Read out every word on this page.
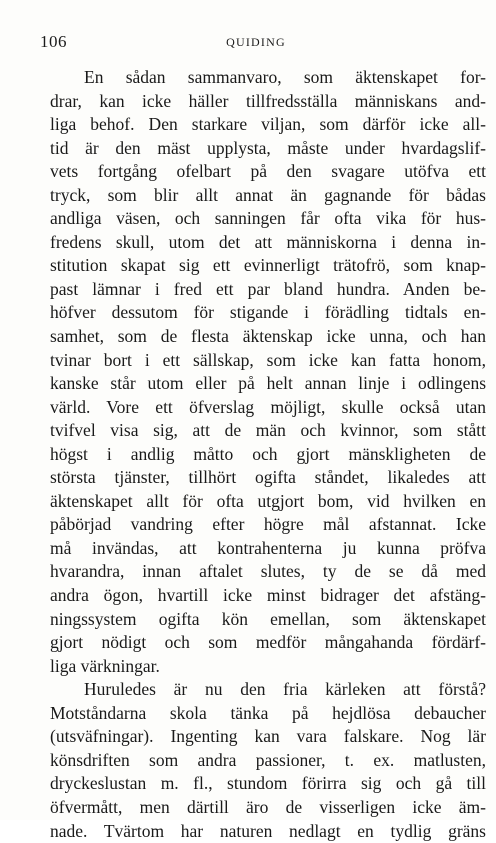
106	QUIDING
En sådan sammanvaro, som äktenskapet for-
drar, kan icke häller tillfredsställa människans and-
liga behof. Den starkare viljan, som därför icke all-
tid är den mäst upplysta, måste under hvardagslif-
vets fortgång ofelbart på den svagare utöfva ett
tryck, som blir allt annat än gagnande för bådas
andliga väsen, och sanningen får ofta vika för hus-
fredens skull, utom det att människorna i denna in-
stitution skapat sig ett evinnerligt trätofrö, som knap-
past lämnar i fred ett par bland hundra. Anden be-
höfver dessutom för stigande i förädling tidtals en-
samhet, som de flesta äktenskap icke unna, och han
tvinar bort i ett sällskap, som icke kan fatta honom,
kanske står utom eller på helt annan linje i odlingens
värld. Vore ett öfverslag möjligt, skulle också utan
tvifvel visa sig, att de män och kvinnor, som stått
högst i andlig måtto och gjort mänskligheten de
största tjänster, tillhört ogifta ståndet, likaledes att
äktenskapet allt för ofta utgjort bom, vid hvilken en
påbörjad vandring efter högre mål afstannat. Icke
må invändas, att kontrahenterna ju kunna pröfva
hvarandra, innan aftalet slutes, ty de se då med
andra ögon, hvartill icke minst bidrager det afstäng-
ningssystem ogifta kön emellan, som äktenskapet
gjort nödigt och som medför mångahanda fördärf-
liga värkningar.
Huruledes är nu den fria kärleken att förstå?
Motståndarna skola tänka på hejdlösa debaucher
(utsväfningar). Ingenting kan vara falskare. Nog lär
könsdriften som andra passioner, t. ex. matlusten,
dryckeslustan m. fl., stundom förirra sig och gå till
öfvermått, men därtill äro de visserligen icke äm-
nade. Tvärtom har naturen nedlagt en tydlig gräns
